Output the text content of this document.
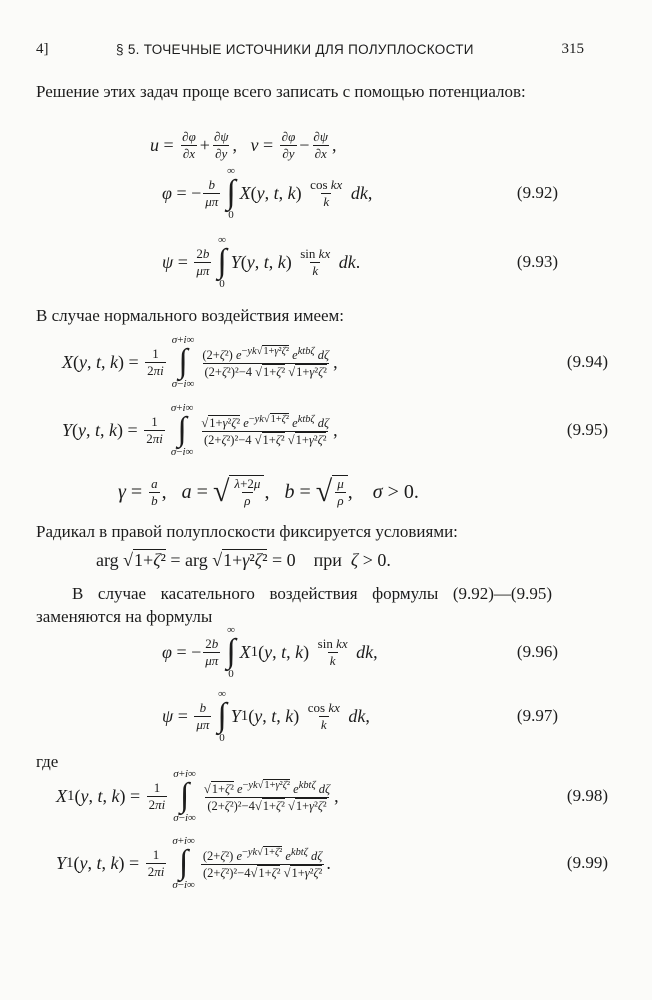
4]	§ 5. ТОЧЕЧНЫЕ ИСТОЧНИКИ ДЛЯ ПОЛУПЛОСКОСТИ	315
Решение этих задач проще всего записать с помощью потенциалов:
$u = \frac{\partial\varphi}{\partial x} + \frac{\partial\psi}{\partial y}$ , $v = \frac{\partial\varphi}{\partial y} - \frac{\partial\psi}{\partial x}$ ,
φ = − $\frac{b}{\mu\pi}$
∞
∫
0
X ( y , t , k ) $\frac{\text{cos kx}}{k}$
dk ,	(9.92)
$\psi = \frac{2b}{\mu\pi}$
∞
∫
0
Y ( y , t , k ) $\frac{\text{sin kx}}{k}$
dk .	(9.93)
В случае нормального воздействия имеем:
X ( y , t , k ) = $\frac{1}{2\pi i}$
σ+i∞
∫
σ−i∞
$\frac{(2+\zeta^2) e^{-yk√1+\gamma^2\zeta^2} e^{ktb\zeta} d\zeta}{\text{(2+ζ²)²−4 √1+ζ² √1+γ²ζ²}}$ ,	(9.94)
Y ( y , t , k ) = $\frac{1}{2\pi i}$
σ+i∞
∫
σ−i∞
$\frac{√1+\gamma^2\zeta^2 e^{-yk√1+\zeta^2} e^{ktb\zeta} d\zeta}{\text{(2+ζ²)²−4 √1+ζ² √1+γ²ζ²}}$ ,	(9.95)
$\gamma = \frac{a}{b}$ , a = √ $\frac{\lambda+2\mu}{\rho}$ , b = √ $\frac{\mu}{\rho}$ , σ > 0.
Радикал в правой полуплоскости фиксируется условиями:
arg √ 1+ζ² = arg √ 1+γ²ζ² = 0    при ζ > 0.
В случае касательного воздействия формулы (9.92)—(9.95) заменяются на формулы
φ = − $\frac{2b}{\mu\pi}$
∞
∫
0
X 1 ( y , t , k ) $\frac{\text{sin kx}}{k}$
dk ,	(9.96)
$\psi = \frac{b}{\mu\pi}$
∞
∫
0
Y 1 ( y , t , k ) $\frac{\text{cos kx}}{k}$
dk ,	(9.97)
где
X 1 ( y , t , k ) = $\frac{1}{2\pi i}$
σ+i∞
∫
σ−i∞
$\frac{√1+\zeta^2 e^{-yk√1+\gamma^2\zeta^2} e^{kbt\zeta} d\zeta}{\text{(2+ζ²)²−4√1+ζ² √1+γ²ζ²}}$ ,	(9.98)
Y 1 ( y , t , k ) = $\frac{1}{2\pi i}$
σ+i∞
∫
σ−i∞
$\frac{(2+\zeta^2) e^{-yk√1+\zeta^2} e^{kbt\zeta} d\zeta}{\text{(2+ζ²)²−4√1+ζ² √1+γ²ζ²}}$ .	(9.99)
